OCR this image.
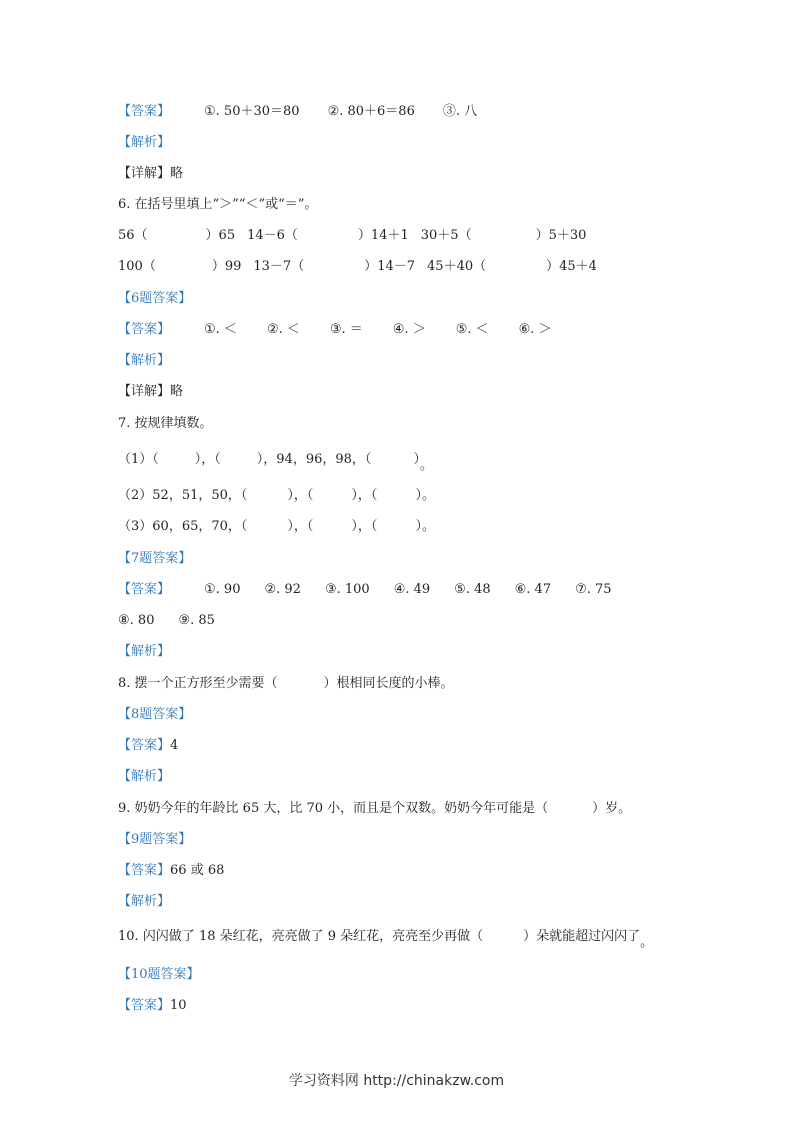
【答案】	①. 50＋30＝80 ②. 80＋6＝86 ③. 八
【解析】
【详解】略
6. 在括号里填上“＞”“＜”或“＝”。
56（	）65 14－6（	）14＋1 30＋5（	）5＋30
100（	）99 13－7（	）14－7 45＋40（	）45＋4
【6题答案】
【答案】	①. ＜ ②. ＜ ③. ＝ ④. ＞ ⑤. ＜ ⑥. ＞
【解析】
【详解】略
7. 按规律填数。
（1）（	），（	），94，96，98，（	）。
（2）52，51，50，（	），（	），（	）。
（3）60，65，70，（	），（	），（	）。
【7题答案】
【答案】	①. 90 ②. 92 ③. 100 ④. 49 ⑤. 48 ⑥. 47 ⑦. 75
⑧. 80 ⑨. 85
【解析】
8. 摆一个正方形至少需要（	）根相同长度的小棒。
【8题答案】
【答案】4
【解析】
9. 奶奶今年的年龄比 65 大，比 70 小，而且是个双数。奶奶今年可能是（	）岁。
【9题答案】
【答案】66 或 68
【解析】
10. 闪闪做了 18 朵红花，亮亮做了 9 朵红花，亮亮至少再做（	）朵就能超过闪闪了。
【10题答案】
【答案】10
学习资料网 http://chinakzw.com
